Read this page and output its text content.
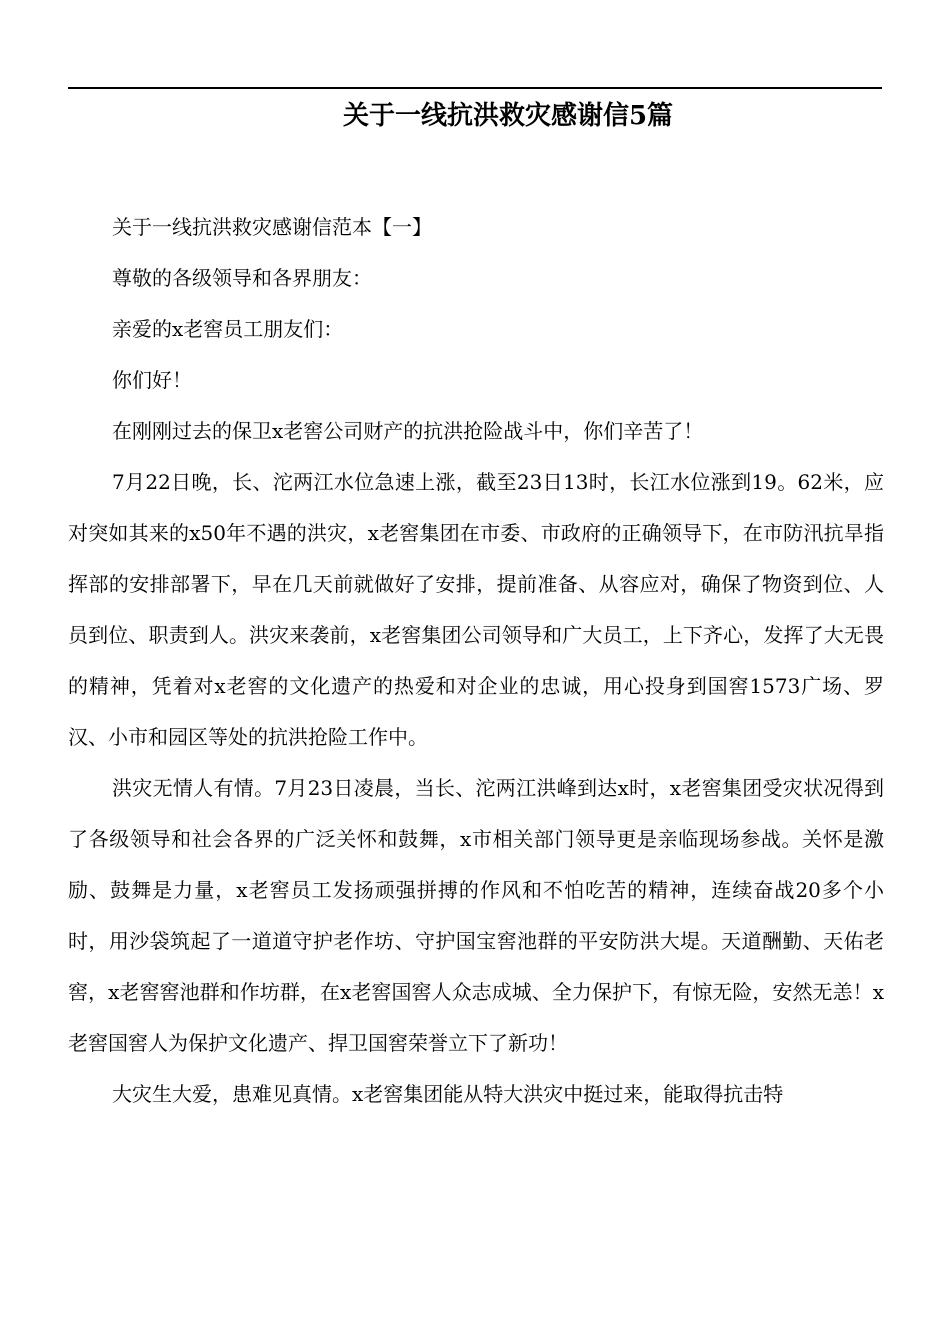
关于一线抗洪救灾感谢信5篇

关于一线抗洪救灾感谢信范本【一】

尊敬的各级领导和各界朋友：

亲爱的x老窖员工朋友们：

你们好！

在刚刚过去的保卫x老窖公司财产的抗洪抢险战斗中，你们辛苦了！

7月22日晚，长、沱两江水位急速上涨，截至23日13时，长江水位涨到19。62米，应对突如其来的x50年不遇的洪灾，x老窖集团在市委、市政府的正确领导下，在市防汛抗旱指挥部的安排部署下，早在几天前就做好了安排，提前准备、从容应对，确保了物资到位、人员到位、职责到人。洪灾来袭前，x老窖集团公司领导和广大员工，上下齐心，发挥了大无畏的精神，凭着对x老窖的文化遗产的热爱和对企业的忠诚，用心投身到国窖1573广场、罗汉、小市和园区等处的抗洪抢险工作中。

洪灾无情人有情。7月23日凌晨，当长、沱两江洪峰到达x时，x老窖集团受灾状况得到了各级领导和社会各界的广泛关怀和鼓舞，x市相关部门领导更是亲临现场参战。关怀是激励、鼓舞是力量，x老窖员工发扬顽强拼搏的作风和不怕吃苦的精神，连续奋战20多个小时，用沙袋筑起了一道道守护老作坊、守护国宝窖池群的平安防洪大堤。天道酬勤、天佑老窖，x老窖窖池群和作坊群，在x老窖国窖人众志成城、全力保护下，有惊无险，安然无恙！x老窖国窖人为保护文化遗产、捍卫国窖荣誉立下了新功！

大灾生大爱，患难见真情。x老窖集团能从特大洪灾中挺过来，能取得抗击特
